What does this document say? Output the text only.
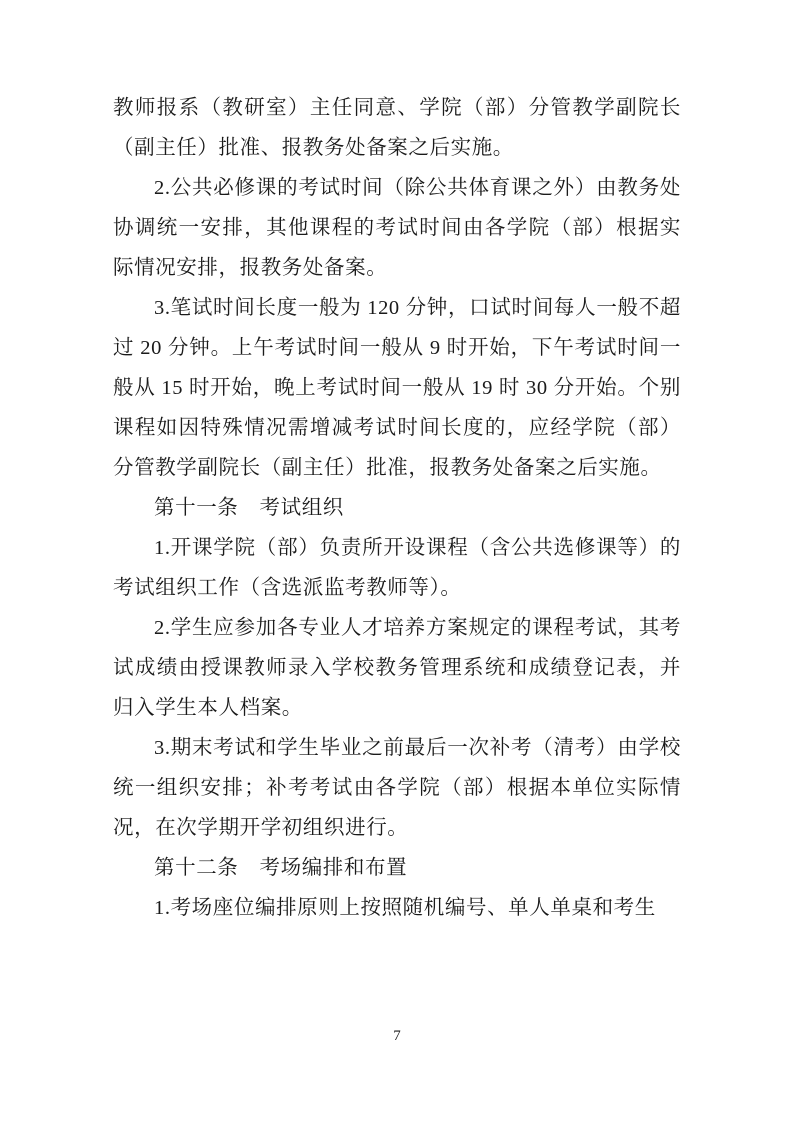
教师报系（教研室）主任同意、学院（部）分管教学副院长（副主任）批准、报教务处备案之后实施。

2.公共必修课的考试时间（除公共体育课之外）由教务处协调统一安排，其他课程的考试时间由各学院（部）根据实际情况安排，报教务处备案。

3.笔试时间长度一般为 120 分钟，口试时间每人一般不超过 20 分钟。上午考试时间一般从 9 时开始，下午考试时间一般从 15 时开始，晚上考试时间一般从 19 时 30 分开始。个别课程如因特殊情况需增减考试时间长度的，应经学院（部）分管教学副院长（副主任）批准，报教务处备案之后实施。

第十一条　考试组织

1.开课学院（部）负责所开设课程（含公共选修课等）的考试组织工作（含选派监考教师等）。

2.学生应参加各专业人才培养方案规定的课程考试，其考试成绩由授课教师录入学校教务管理系统和成绩登记表，并归入学生本人档案。

3.期末考试和学生毕业之前最后一次补考（清考）由学校统一组织安排；补考考试由各学院（部）根据本单位实际情况，在次学期开学初组织进行。

第十二条　考场编排和布置

1.考场座位编排原则上按照随机编号、单人单桌和考生

7
